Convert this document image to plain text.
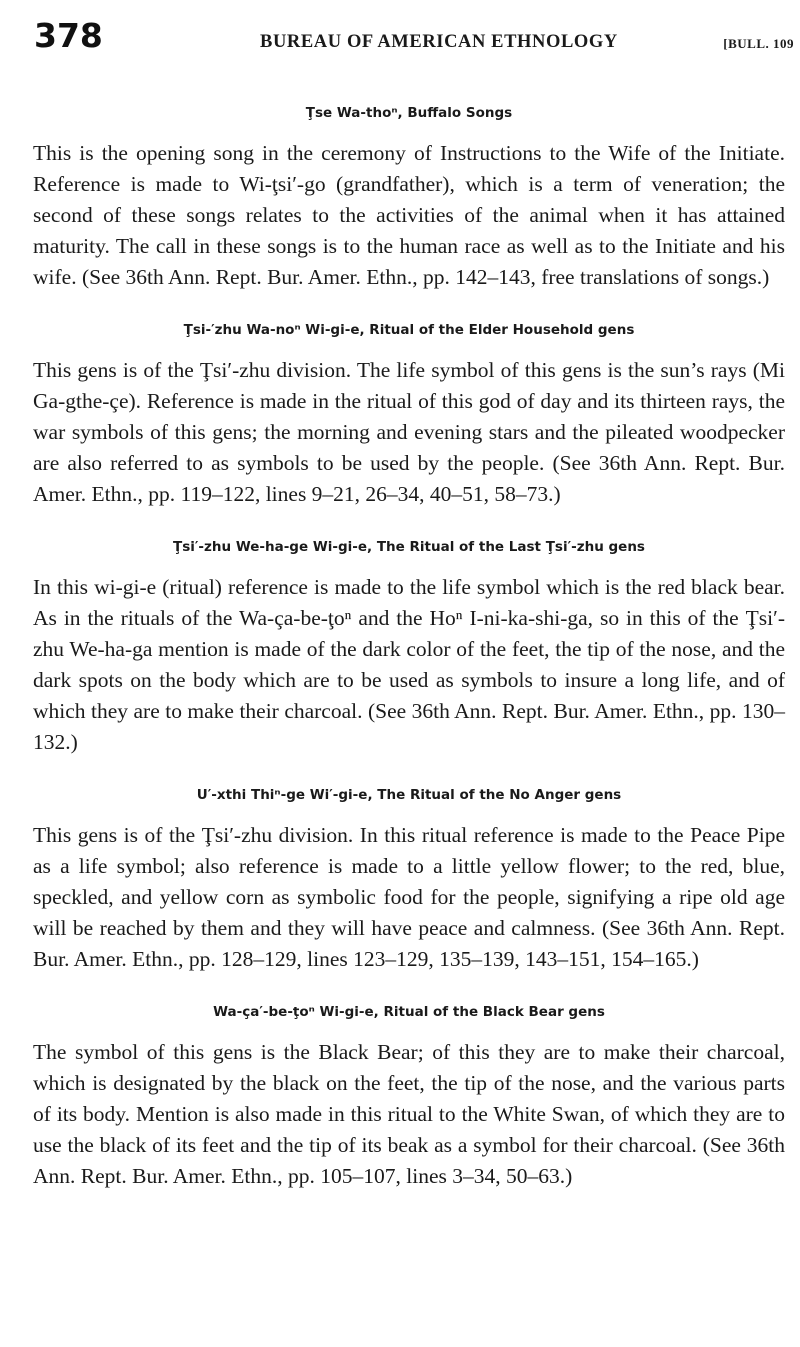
378	BUREAU OF AMERICAN ETHNOLOGY	[BULL. 109
Ţse Wa-thoⁿ, Buffalo Songs

This is the opening song in the ceremony of Instructions to the Wife of the Initiate. Reference is made to Wi-ţsi′-go (grandfather), which is a term of veneration; the second of these songs relates to the activities of the animal when it has attained maturity. The call in these songs is to the human race as well as to the Initiate and his wife. (See 36th Ann. Rept. Bur. Amer. Ethn., pp. 142–143, free translations of songs.)

Ţsi-′zhu Wa-noⁿ Wi-gi-e, Ritual of the Elder Household gens

This gens is of the Ţsi′-zhu division. The life symbol of this gens is the sun’s rays (Mi Ga-gthe-çe). Reference is made in the ritual of this god of day and its thirteen rays, the war symbols of this gens; the morning and evening stars and the pileated woodpecker are also referred to as symbols to be used by the people. (See 36th Ann. Rept. Bur. Amer. Ethn., pp. 119–122, lines 9–21, 26–34, 40–51, 58–73.)

Ţsi′-zhu We-ha-ge Wi-gi-e, The Ritual of the Last Ţsi′-zhu gens

In this wi-gi-e (ritual) reference is made to the life symbol which is the red black bear. As in the rituals of the Wa-ça-be-ţoⁿ and the Hoⁿ I-ni-ka-shi-ga, so in this of the Ţsi′-zhu We-ha-ga mention is made of the dark color of the feet, the tip of the nose, and the dark spots on the body which are to be used as symbols to insure a long life, and of which they are to make their charcoal. (See 36th Ann. Rept. Bur. Amer. Ethn., pp. 130–132.)

U′-xthi Thiⁿ-ge Wi′-gi-e, The Ritual of the No Anger gens

This gens is of the Ţsi′-zhu division. In this ritual reference is made to the Peace Pipe as a life symbol; also reference is made to a little yellow flower; to the red, blue, speckled, and yellow corn as symbolic food for the people, signifying a ripe old age will be reached by them and they will have peace and calmness. (See 36th Ann. Rept. Bur. Amer. Ethn., pp. 128–129, lines 123–129, 135–139, 143–151, 154–165.)

Wa-ça′-be-ţoⁿ Wi-gi-e, Ritual of the Black Bear gens

The symbol of this gens is the Black Bear; of this they are to make their charcoal, which is designated by the black on the feet, the tip of the nose, and the various parts of its body. Mention is also made in this ritual to the White Swan, of which they are to use the black of its feet and the tip of its beak as a symbol for their charcoal. (See 36th Ann. Rept. Bur. Amer. Ethn., pp. 105–107, lines 3–34, 50–63.)
